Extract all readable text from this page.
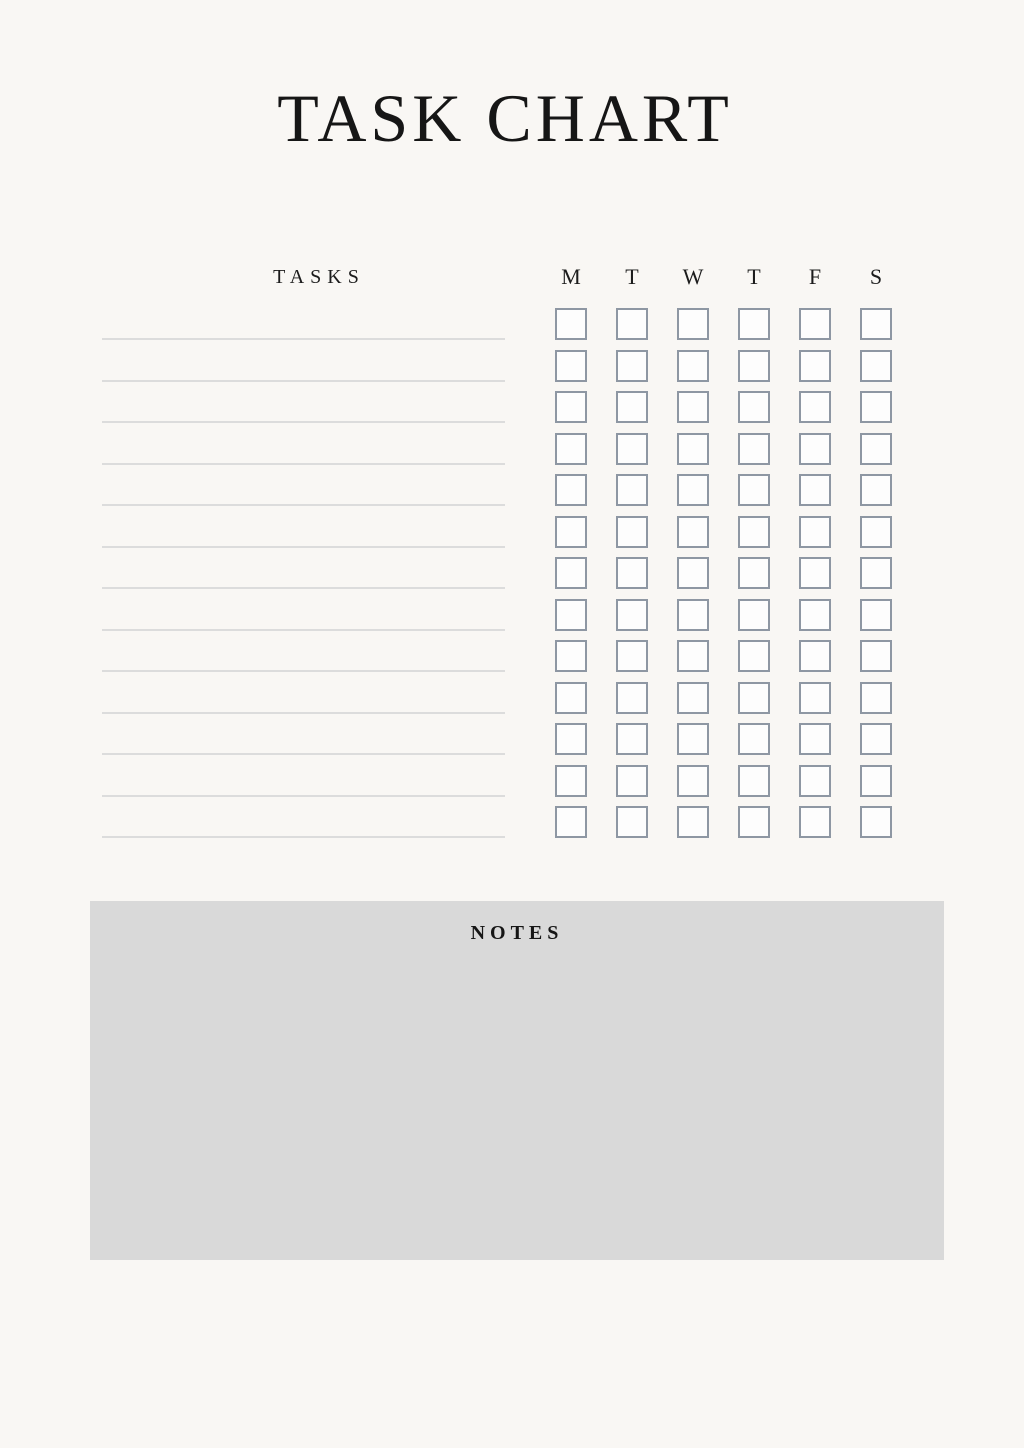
TASK CHART
TASKS	M	T	W	T	F	S
NOTES
